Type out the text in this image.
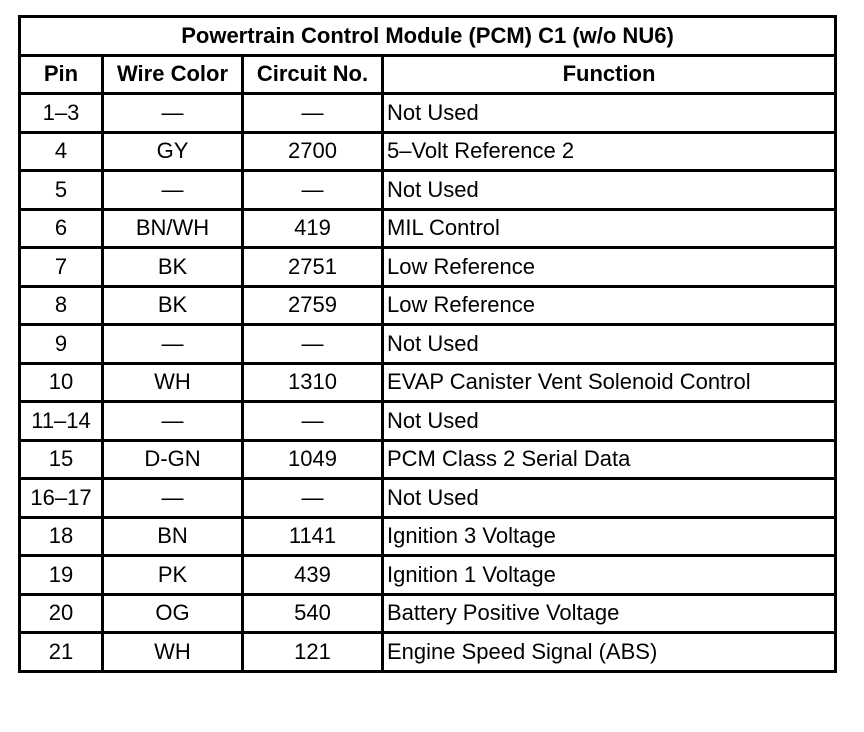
Powertrain Control Module (PCM) C1 (w/o NU6)			
Pin	Wire Color	Circuit No.	Function
1–3	—	—	Not Used
4	GY	2700	5–Volt Reference 2
5	—	—	Not Used
6	BN/WH	419	MIL Control
7	BK	2751	Low Reference
8	BK	2759	Low Reference
9	—	—	Not Used
10	WH	1310	EVAP Canister Vent Solenoid Control
11–14	—	—	Not Used
15	D-GN	1049	PCM Class 2 Serial Data
16–17	—	—	Not Used
18	BN	1141	Ignition 3 Voltage
19	PK	439	Ignition 1 Voltage
20	OG	540	Battery Positive Voltage
21	WH	121	Engine Speed Signal (ABS)
